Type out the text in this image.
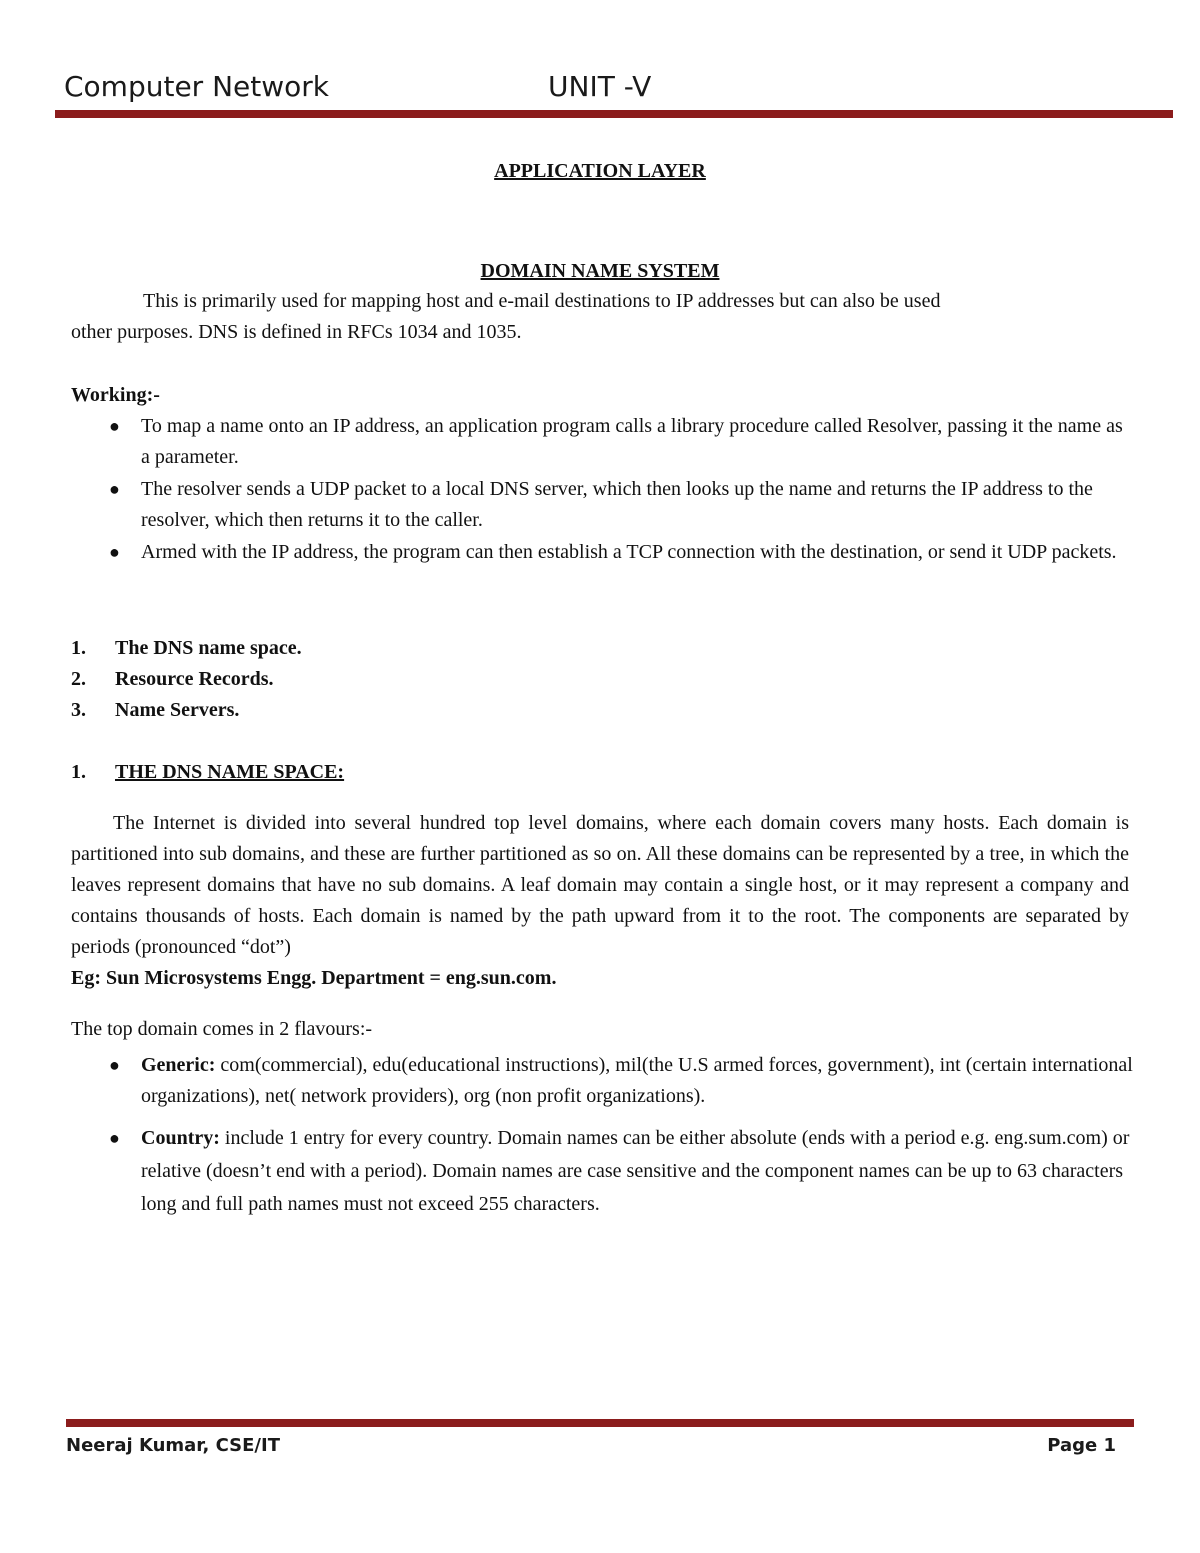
Computer Network	UNIT -V
APPLICATION LAYER
DOMAIN NAME SYSTEM
This is primarily used for mapping host and e-mail destinations to IP addresses but can also be used
other purposes. DNS is defined in RFCs 1034 and 1035.
Working:-
● To map a name onto an IP address, an application program calls a library procedure called Resolver, passing it the name as a parameter.
● The resolver sends a UDP packet to a local DNS server, which then looks up the name and returns the IP address to the resolver, which then returns it to the caller.
● Armed with the IP address, the program can then establish a TCP connection with the destination, or send it UDP packets.
1. The DNS name space.
2. Resource Records.
3. Name Servers.
1. THE DNS NAME SPACE:
The Internet is divided into several hundred top level domains, where each domain covers many hosts. Each domain is partitioned into sub domains, and these are further partitioned as so on. All these domains can be represented by a tree, in which the leaves represent domains that have no sub domains. A leaf domain may contain a single host, or it may represent a company and contains thousands of hosts. Each domain is named by the path upward from it to the root. The components are separated by periods (pronounced “dot”)
Eg: Sun Microsystems Engg. Department = eng.sun.com.
The top domain comes in 2 flavours:-
● Generic: com(commercial), edu(educational instructions), mil(the U.S armed forces, government), int (certain international organizations), net( network providers), org (non profit organizations).
● Country: include 1 entry for every country. Domain names can be either absolute (ends with a period e.g. eng.sum.com) or relative (doesn’t end with a period). Domain names are case sensitive and the component names can be up to 63 characters long and full path names must not exceed 255 characters.
Neeraj Kumar, CSE/IT	Page 1
